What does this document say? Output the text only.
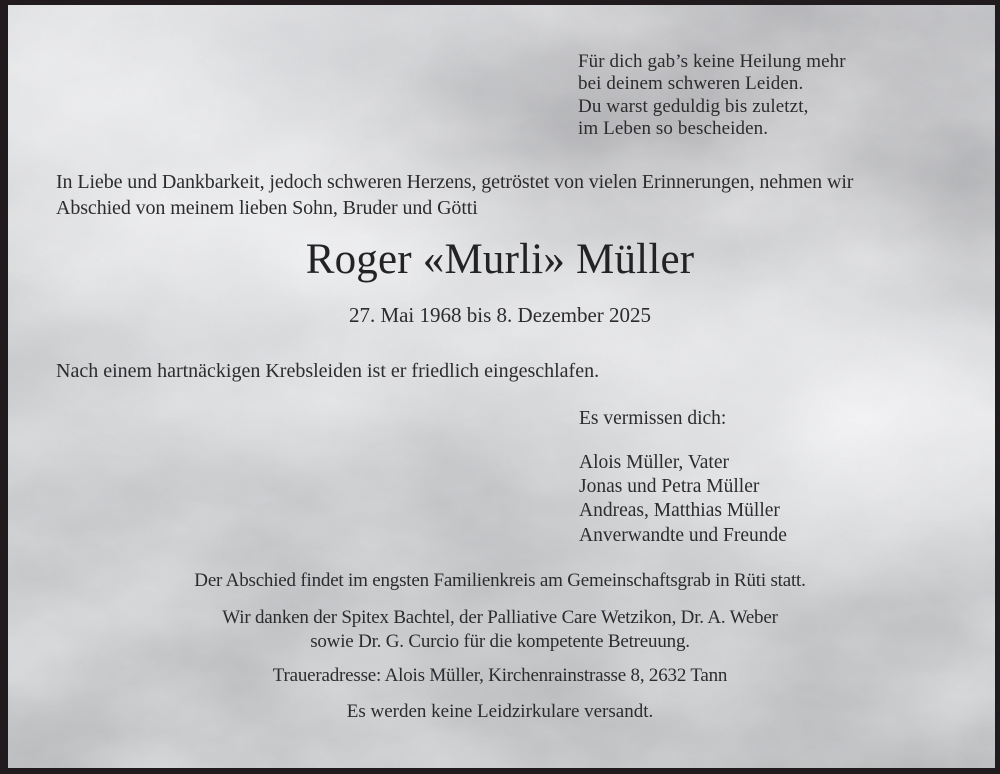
Für dich gab’s keine Heilung mehr
bei deinem schweren Leiden.
Du warst geduldig bis zuletzt,
im Leben so bescheiden.
In Liebe und Dankbarkeit, jedoch schweren Herzens, getröstet von vielen Erinnerungen, nehmen wir
Abschied von meinem lieben Sohn, Bruder und Götti
Roger «Murli» Müller
27. Mai 1968 bis 8. Dezember 2025
Nach einem hartnäckigen Krebsleiden ist er friedlich eingeschlafen.
Es vermissen dich:
Alois Müller, Vater
Jonas und Petra Müller
Andreas, Matthias Müller
Anverwandte und Freunde
Der Abschied findet im engsten Familienkreis am Gemeinschaftsgrab in Rüti statt.
Wir danken der Spitex Bachtel, der Palliative Care Wetzikon, Dr. A. Weber
sowie Dr. G. Curcio für die kompetente Betreuung.
Traueradresse: Alois Müller, Kirchenrainstrasse 8, 2632 Tann
Es werden keine Leidzirkulare versandt.
